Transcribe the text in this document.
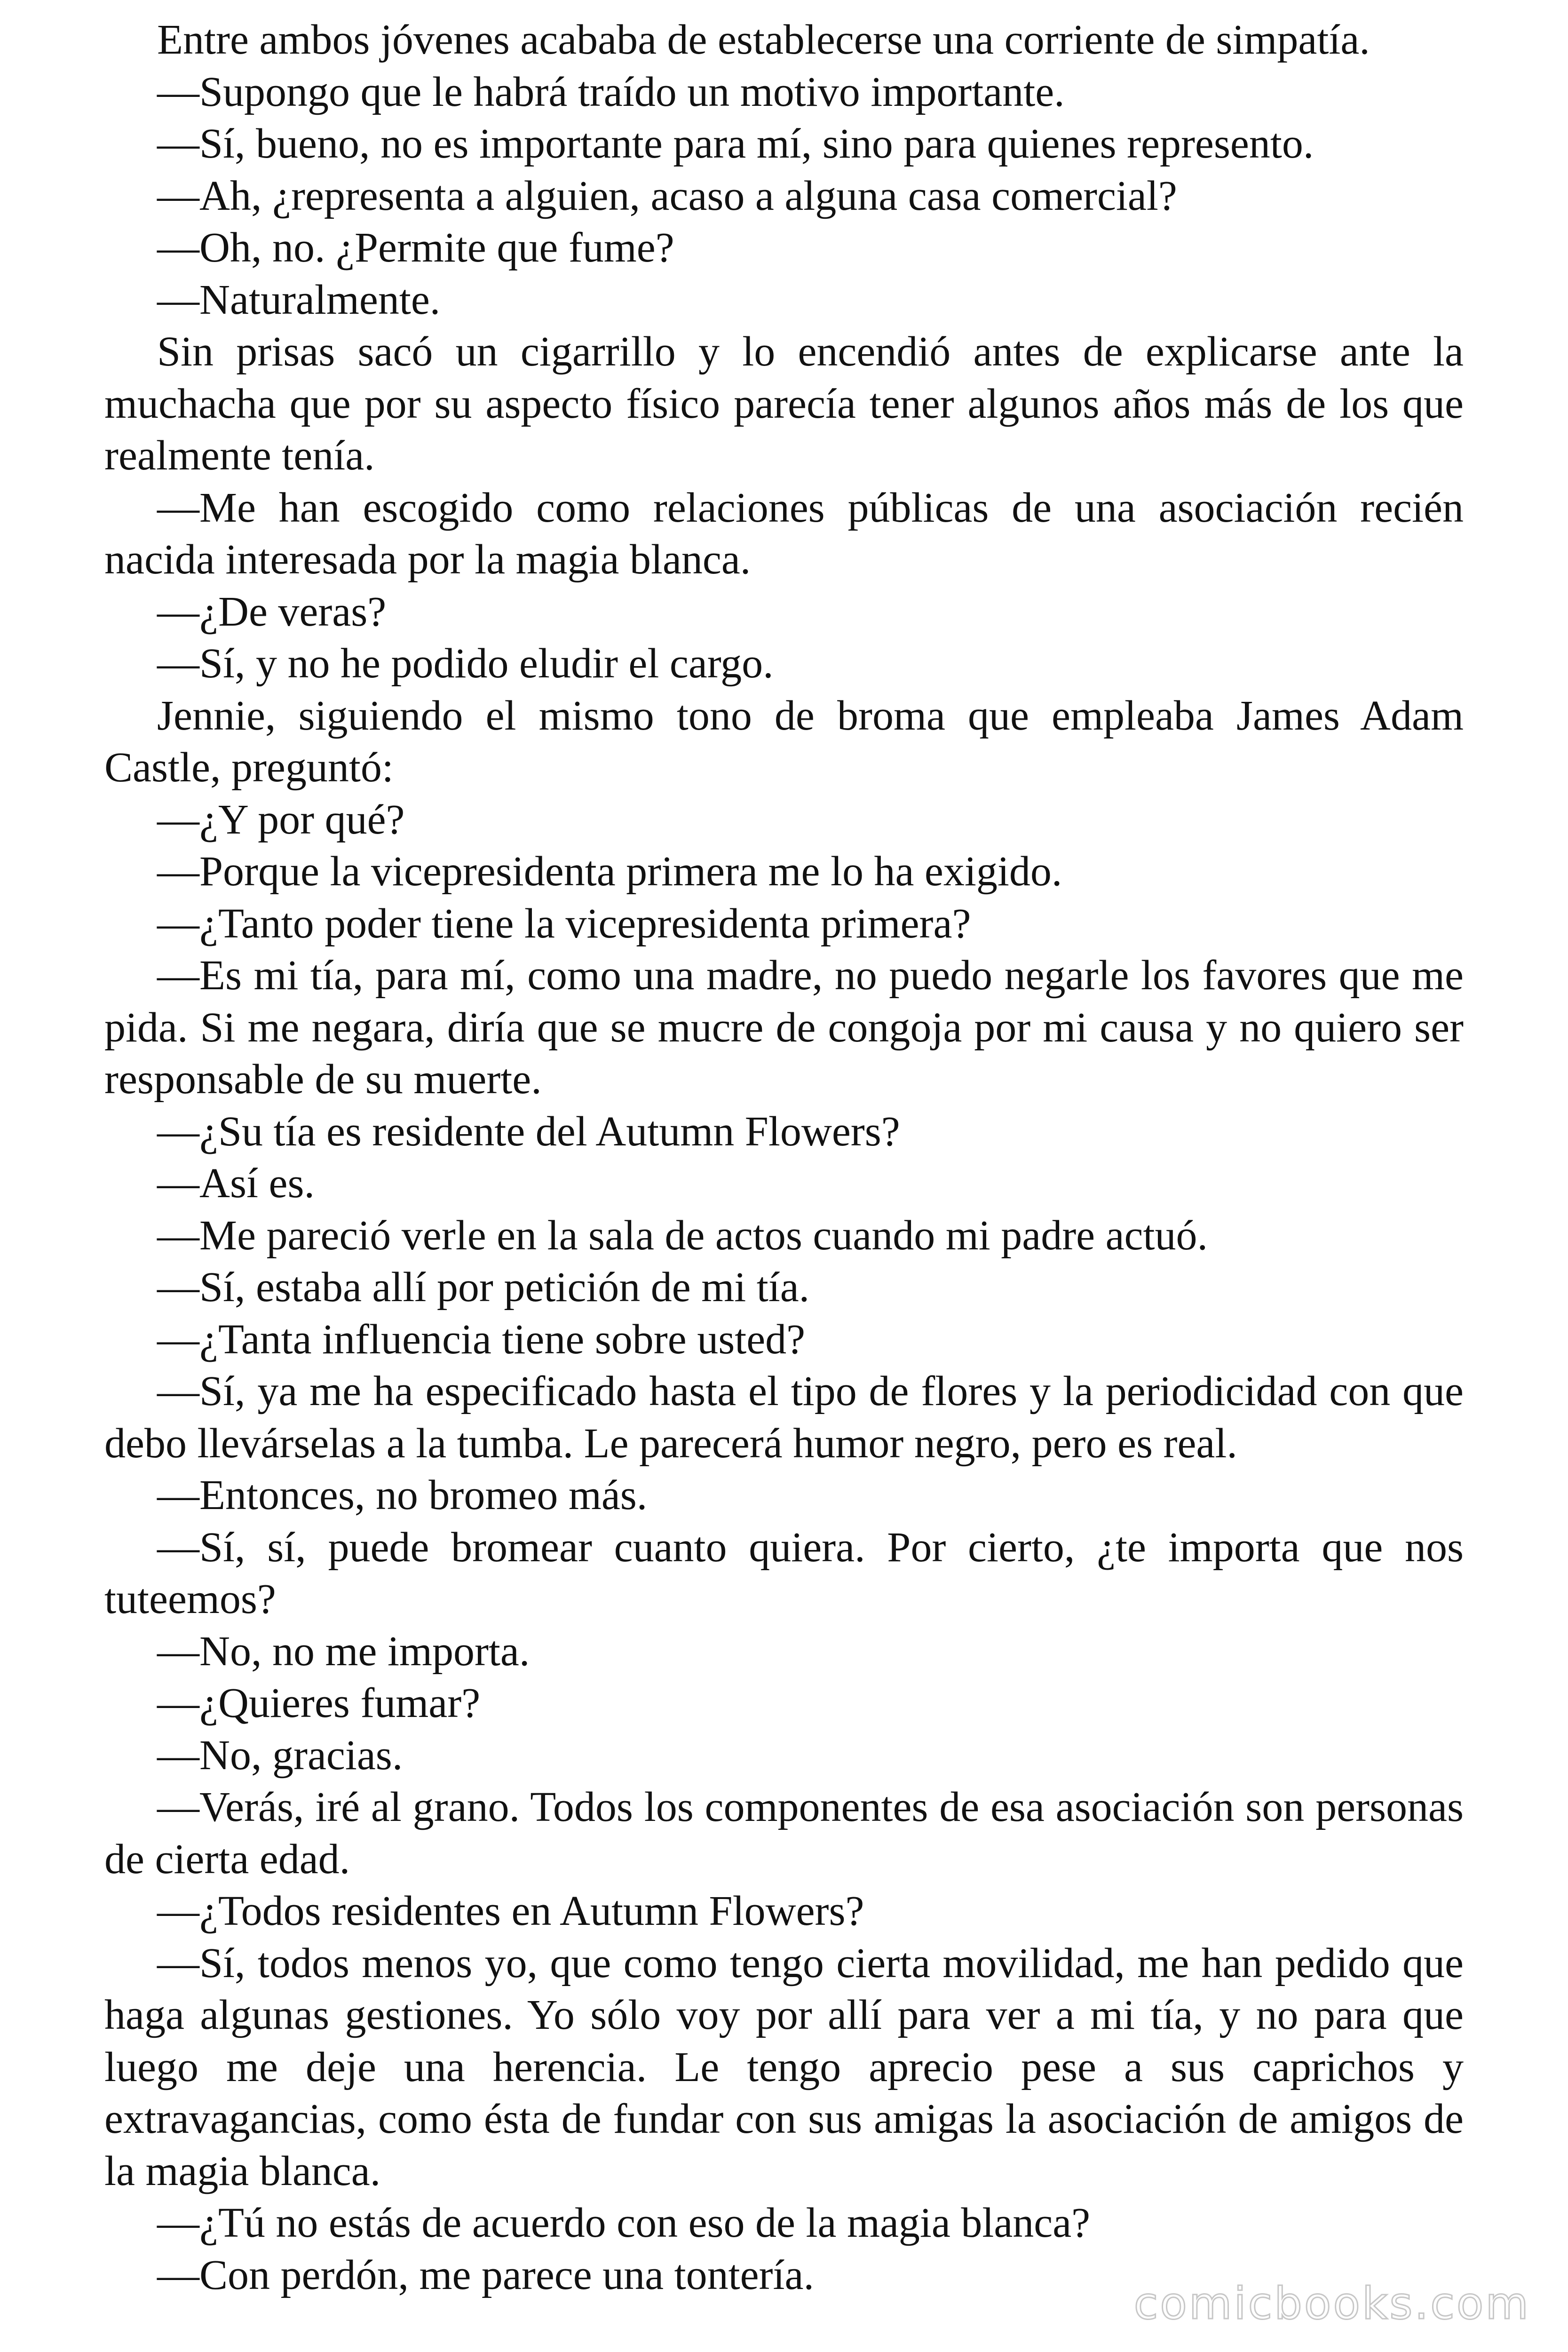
Entre ambos jóvenes acababa de establecerse una corriente de simpatía.

—Supongo que le habrá traído un motivo importante.

—Sí, bueno, no es importante para mí, sino para quienes represento.

—Ah, ¿representa a alguien, acaso a alguna casa comercial?

—Oh, no. ¿Permite que fume?

—Naturalmente.

Sin prisas sacó un cigarrillo y lo encendió antes de explicarse ante la muchacha que por su aspecto físico parecía tener algunos años más de los que realmente tenía.

—Me han escogido como relaciones públicas de una asociación recién nacida interesada por la magia blanca.

—¿De veras?

—Sí, y no he podido eludir el cargo.

Jennie, siguiendo el mismo tono de broma que empleaba James Adam Castle, preguntó:

—¿Y por qué?

—Porque la vicepresidenta primera me lo ha exigido.

—¿Tanto poder tiene la vicepresidenta primera?

—Es mi tía, para mí, como una madre, no puedo negarle los favores que me pida. Si me negara, diría que se mucre de congoja por mi causa y no quiero ser responsable de su muerte.

—¿Su tía es residente del Autumn Flowers?

—Así es.

—Me pareció verle en la sala de actos cuando mi padre actuó.

—Sí, estaba allí por petición de mi tía.

—¿Tanta influencia tiene sobre usted?

—Sí, ya me ha especificado hasta el tipo de flores y la periodicidad con que debo llevárselas a la tumba. Le parecerá humor negro, pero es real.

—Entonces, no bromeo más.

—Sí, sí, puede bromear cuanto quiera. Por cierto, ¿te importa que nos tuteemos?

—No, no me importa.

—¿Quieres fumar?

—No, gracias.

—Verás, iré al grano. Todos los componentes de esa asociación son personas de cierta edad.

—¿Todos residentes en Autumn Flowers?

—Sí, todos menos yo, que como tengo cierta movilidad, me han pedido que haga algunas gestiones. Yo sólo voy por allí para ver a mi tía, y no para que luego me deje una herencia. Le tengo aprecio pese a sus caprichos y extravagancias, como ésta de fundar con sus amigas la asociación de amigos de la magia blanca.

—¿Tú no estás de acuerdo con eso de la magia blanca?

—Con perdón, me parece una tontería.

comicbooks.com
